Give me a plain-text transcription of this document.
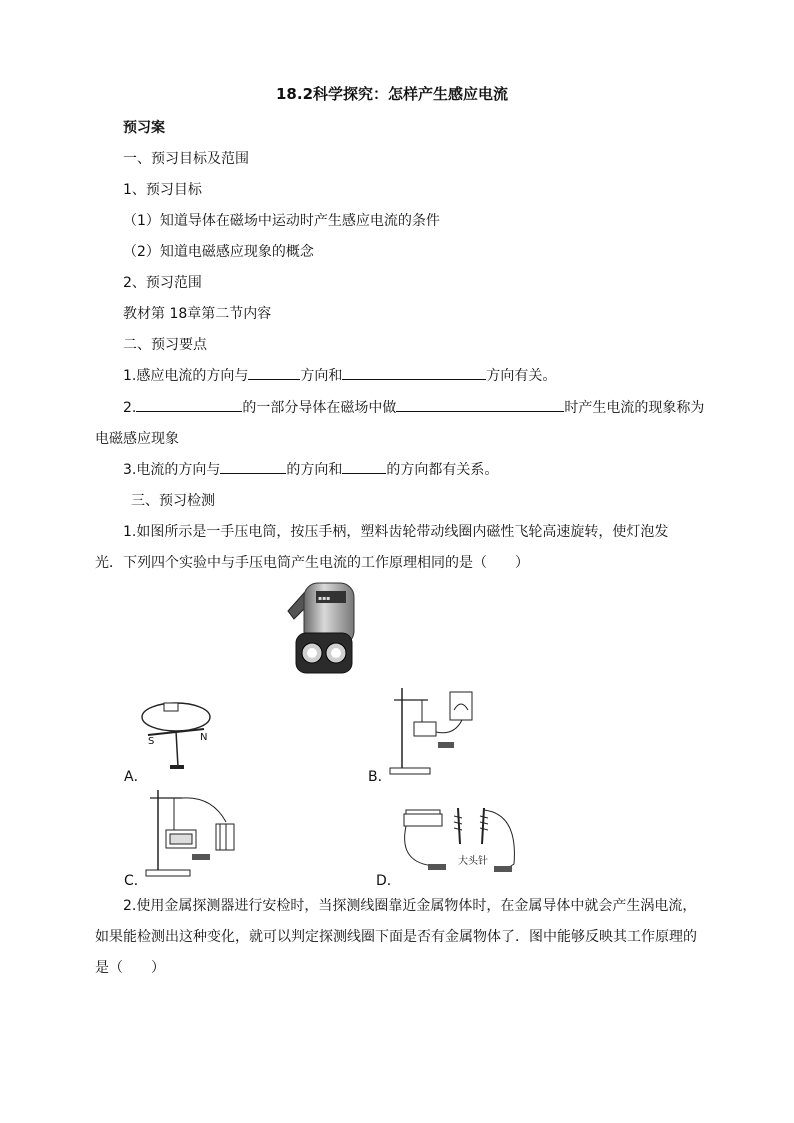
18.2科学探究：怎样产生感应电流
预习案
一、预习目标及范围
1、预习目标
（1）知道导体在磁场中运动时产生感应电流的条件
（2）知道电磁感应现象的概念
2、预习范围
教材第 18章第二节内容
二、预习要点
1.感应电流的方向与	方向和	方向有关。
2.	的一部分导体在磁场中做	时产生电流的现象称为
电磁感应现象
3.电流的方向与	的方向和	的方向都有关系。
三、预习检测
1.如图所示是一手压电筒，按压手柄，塑料齿轮带动线圈内磁性飞轮高速旋转，使灯泡发
光．下列四个实验中与手压电筒产生电流的工作原理相同的是（　　）
▪▪▪
S	N
A．	B．
C．
大头针
D．
2.使用金属探测器进行安检时，当探测线圈靠近金属物体时，在金属导体中就会产生涡电流，
如果能检测出这种变化，就可以判定探测线圈下面是否有金属物体了．图中能够反映其工作原理的
是（　　）
